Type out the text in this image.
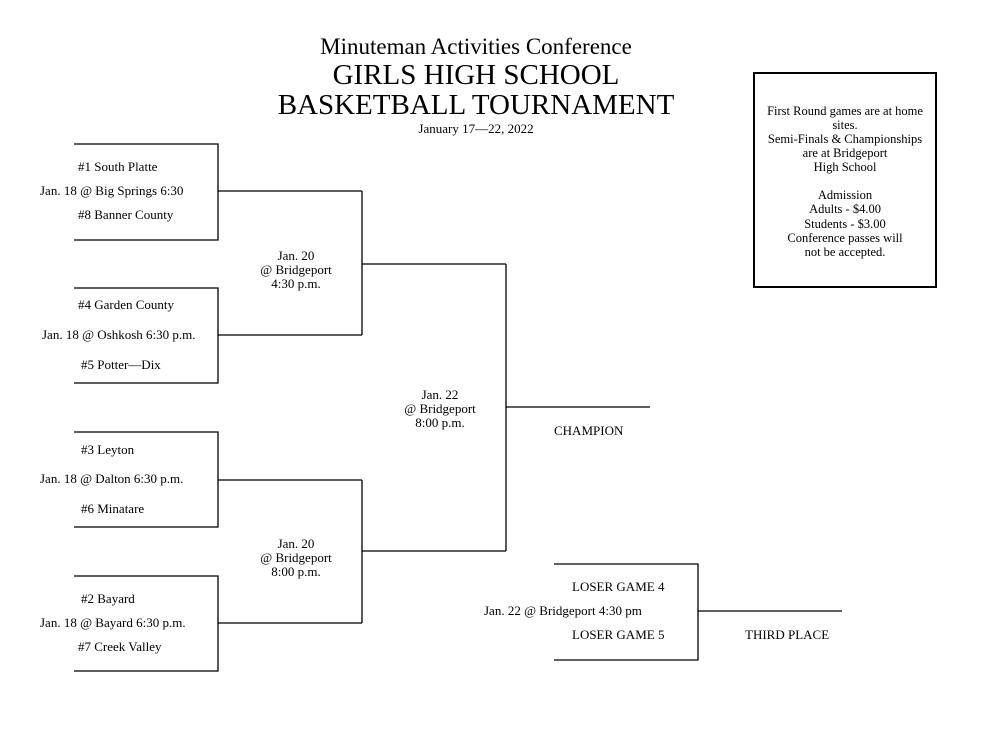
Minuteman Activities Conference
GIRLS HIGH SCHOOL
BASKETBALL TOURNAMENT
January 17—22, 2022
First Round games are at home
sites.
Semi-Finals & Championships
are at Bridgeport
High School
Admission
Adults - $4.00
Students - $3.00
Conference passes will
not be accepted.
#1 South Platte
Jan. 18 @ Big Springs 6:30
#8 Banner County
#4 Garden County
Jan. 18 @ Oshkosh 6:30 p.m.
#5 Potter—Dix
#3 Leyton
Jan. 18 @ Dalton 6:30 p.m.
#6 Minatare
#2 Bayard
Jan. 18 @ Bayard 6:30 p.m.
#7 Creek Valley
Jan. 20
@ Bridgeport
4:30 p.m.
Jan. 20
@ Bridgeport
8:00 p.m.
Jan. 22
@ Bridgeport
8:00 p.m.
CHAMPION
LOSER GAME 4
Jan. 22 @ Bridgeport 4:30 pm
LOSER GAME 5	THIRD PLACE
